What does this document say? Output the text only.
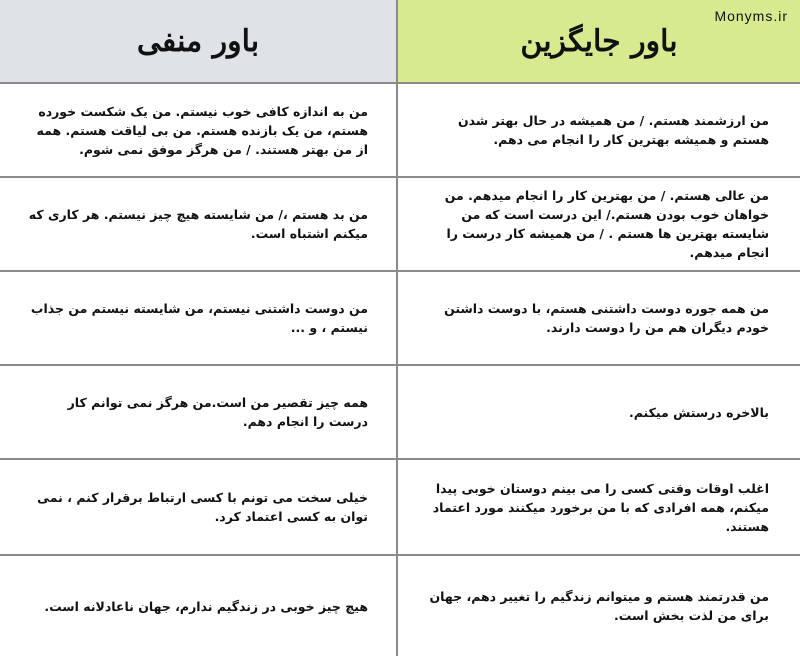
باور منفی
Monyms.ir
باور جایگزین
من به اندازه کافی خوب نیستم. من یک شکست خورده هستم، من یک بازنده هستم. من بی لیاقت هستم. همه از من بهتر هستند. / من هرگز موفق نمی شوم.
من ارزشمند هستم. / من همیشه در حال بهتر شدن هستم و همیشه بهترین کار را انجام می دهم.
من بد هستم ،/ من شایسته هیچ چیز نیستم. هر کاری که میکنم اشتباه است.
من عالی هستم. / من بهترین کار را انجام میدهم. من خواهان خوب بودن هستم./ این درست است که من شایسته بهترین ها هستم . / من همیشه کار درست را انجام میدهم.
من دوست داشتنی نیستم، من شایسته نیستم من جذاب نیستم ، و ...
من همه جوره دوست داشتنی هستم، با دوست داشتن خودم دیگران هم من را دوست دارند.
همه چیز تقصیر من است.من هرگز نمی توانم کار درست را انجام دهم.
بالاخره درستش میکنم.
خیلی سخت می تونم با کسی ارتباط برقرار کنم ، نمی توان به کسی اعتماد کرد.
اغلب اوقات وقتی کسی را می بینم دوستان خوبی پیدا میکنم، همه افرادی که با من برخورد میکنند مورد اعتماد هستند.
هیچ چیز خوبی در زندگیم ندارم، جهان ناعادلانه است.
من قدرتمند هستم و میتوانم زندگیم را تغییر دهم، جهان برای من لذت بخش است.
